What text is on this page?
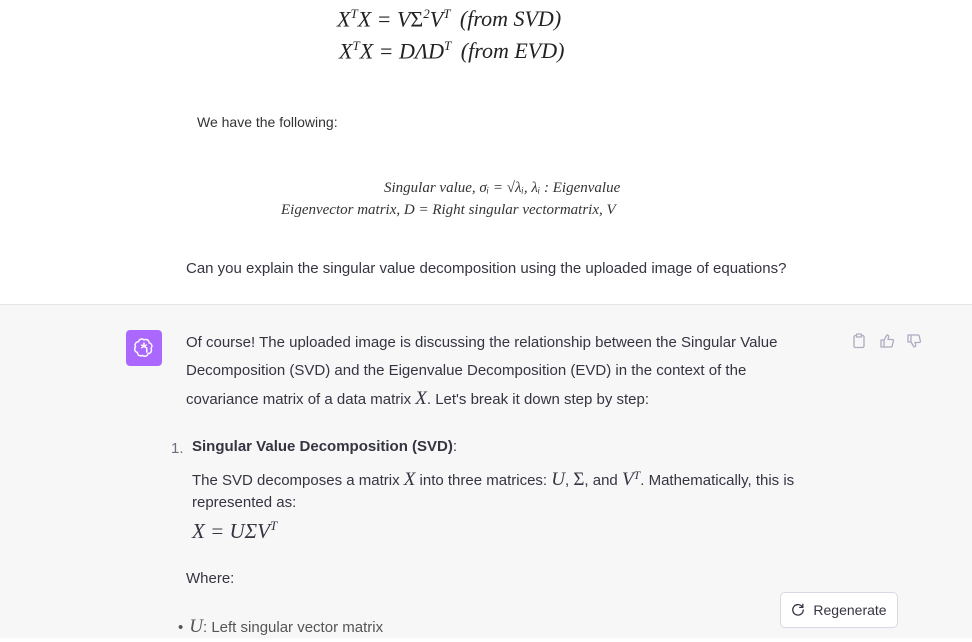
$X^TX = V\Sigma^2V^T$ (from SVD)
$X^TX = D\Lambda D^T$ (from EVD)
We have the following:
Singular value, σᵢ = √λᵢ, λᵢ : Eigenvalue
Eigenvector matrix, D = Right singular vectormatrix, V
Can you explain the singular value decomposition using the uploaded image of equations?
Of course! The uploaded image is discussing the relationship between the Singular Value
Decomposition (SVD) and the Eigenvalue Decomposition (EVD) in the context of the
covariance matrix of a data matrix X. Let's break it down step by step:
1. Singular Value Decomposition (SVD):
The SVD decomposes a matrix X into three matrices: U, Σ, and $V^T$. Mathematically, this is
represented as:
$X = U\Sigma V^T$
Where:
• U: Left singular vector matrix
Regenerate
